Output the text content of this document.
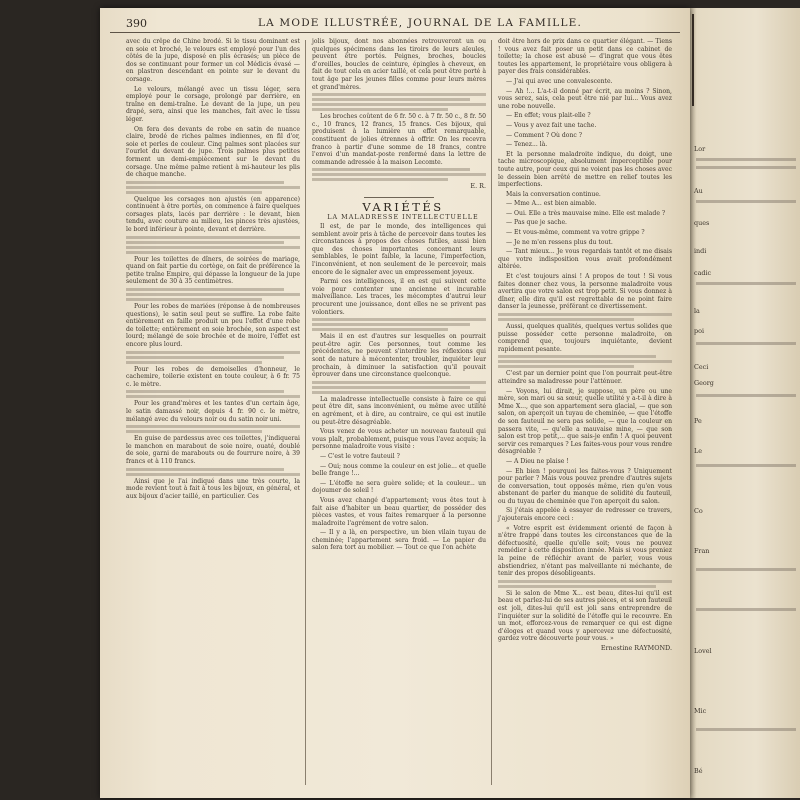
Lor
Au
ques
indi
cadic
la
poi
Ceci
Georg
Pe
Le
Co
Fran
Lovel
Mic
Bé
390	LA MODE ILLUSTRÉE, JOURNAL DE LA FAMILLE.

avec du crêpe de Chine brodé. Si le tissu dominant est en soie et broché, le velours est employé pour l'un des côtés de la jupe, disposé en plis écrasés; un pièce de dos se continuant pour former un col Médicis évasé — en plastron descendant en pointe sur le devant du corsage.

Le velours, mélangé avec un tissu léger, sera employé pour le corsage, prolongé par derrière, en traîne en demi-traîne. Le devant de la jupe, un peu drapé, sera, ainsi que les manches, fait avec le tissu léger.

On fera des devants de robe en satin de nuance claire, brodé de riches palmes indiennes, en fil d'or, soie et perles de couleur. Cinq palmes sont placées sur l'ourlet du devant de jupe. Trois palmes plus petites forment un demi-empiècement sur le devant du corsage. Une même palme retient à mi-hauteur les plis de chaque manche.

Quelque les corsages non ajustés (en apparence) continuent à être portés, on commence à faire quelques corsages plats, lacés par derrière : le devant, bien tendu, avec couture au milieu, les pinces très ajustées, le bord inférieur à pointe, devant et derrière.

Pour les toilettes de dîners, de soirées de mariage, quand on fait partie du cortège, on fait de préférence la petite traîne Empire, qui dépasse la longueur de la jupe seulement de 30 à 35 centimètres.

Pour les robes de mariées (réponse à de nombreuses questions), le satin seul peut se suffire. La robe faite entièrement en faille produit un peu l'effet d'une robe de toilette; entièrement en soie brochée, son aspect est lourd; mélangé de soie brochée et de moire, l'effet est encore plus lourd.

Pour les robes de demoiselles d'honneur, le cachemire, toilerie existent en toute couleur, à 6 fr. 75 c. le mètre.

Pour les grand'mères et les tantes d'un certain âge, le satin damassé noir, depuis 4 fr. 90 c. le mètre, mélangé avec du velours noir ou du satin noir uni.

En guise de pardessus avec ces toilettes, j'indiquerai le manchon en marabout de soie noire, ouaté, doublé de soie, garni de marabouts ou de fourrure noire, à 39 francs et à 110 francs.

Ainsi que je l'ai indiqué dans une très courte, la mode revient tout à fait à tous les bijoux, en général, et aux bijoux d'acier taillé, en particulier. Ces

jolis bijoux, dont nos abonnées retrouveront un ou quelques spécimens dans les tiroirs de leurs aïeules, peuvent être portés. Peignes, broches, boucles d'oreilles, boucles de ceinture, épingles à cheveux, en fait de tout cela en acier taillé, et cela peut être porté à tout âge par les jeunes filles comme pour leurs mères et grand'mères.

Les broches coûtent de 6 fr. 50 c. à 7 fr. 50 c., 8 fr. 50 c., 10 francs, 12 francs, 15 francs. Ces bijoux, qui produisent à la lumière un effet remarquable, constituent de jolies étrennes à offrir. On les recevra franco à partir d'une somme de 18 francs, contre l'envoi d'un mandat-poste renfermé dans la lettre de commande adressée à la maison Lecomte.

E. R.

VARIÉTÉS

LA MALADRESSE INTELLECTUELLE

Il est, de par le monde, des intelligences qui semblent avoir pris à tâche de percevoir dans toutes les circonstances à propos des choses futiles, aussi bien que des choses importantes concernant leurs semblables, le point faible, la lacune, l'imperfection, l'inconvénient, et non seulement de le percevoir, mais encore de le signaler avec un empressement joyeux.

Parmi ces intelligences, il en est qui suivent cette voie pour contenter une ancienne et incurable malveillance. Les traces, les mécomptes d'autrui leur procurent une jouissance, dont elles ne se privent pas volontiers.

Mais il en est d'autres sur lesquelles on pourrait peut-être agir. Ces personnes, tout comme les précédentes, ne peuvent s'interdire les réflexions qui sont de nature à mécontenter, troubler, inquiéter leur prochain, à diminuer la satisfaction qu'il pouvait éprouver dans une circonstance quelconque.

La maladresse intellectuelle consiste à faire ce qui peut être dit, sans inconvénient, ou même avec utilité en agrément, et à dire, au contraire, ce qui est inutile ou peut-être désagréable.

Vous venez de vous acheter un nouveau fauteuil qui vous plaît, probablement, puisque vous l'avez acquis; la personne maladroite vous visite :

— C'est le votre fauteuil ?

— Oui; nous comme la couleur en est jolie... et quelle belle frange !...

— L'étoffe ne sera guère solide; et la couleur... un dojoumer de soleil !

Vous avez changé d'appartement; vous êtes tout à fait aise d'habiter un beau quartier, de posséder des pièces vastes, et vous faites remarquer à la personne maladroite l'agrément de votre salon.

— Il y a là, en perspective, un bien vilain tuyau de cheminée; l'appartement sera froid. — Le papier du salon fera tort au mobilier. — Tout ce que l'on achète

doit être hors de prix dans ce quartier élégant. — Tiens ! vous avez fait poser un petit dans ce cabinet de toilette; la chose est abusé — d'ingrat que vous êtes toutes les appartement, le propriétaire vous obligera à payer des frais considérables.

— J'ai qui avec une convalescente.

— Ah !... L'a-t-il donné par écrit, au moins ? Sinon, vous serez, sais, cela peut être nié par lui... Vous avez une robe nouvelle.

— En effet; vous plait-elle ?

— Vous y avez fait une tache.

— Comment ? Où donc ?

— Tenez... là.

Et la personne maladroite indique, du doigt, une tache microscopique, absolument imperceptible pour toute autre, pour ceux qui ne voient pas les choses avec le dessein bien arrêté de mettre en relief toutes les imperfections.

Mais la conversation continue.

— Mme A... est bien aimable.

— Oui. Elle a très mauvaise mine. Elle est malade ?

— Pas que je sache.

— Et vous-même, comment va votre grippe ?

— Je ne m'en ressens plus du tout.

— Tant mieux... Je vous regardais tantôt et me disais que votre indisposition vous avait profondément altérée.

Et c'est toujours ainsi ! A propos de tout ! Si vous faites donner chez vous, la personne maladroite vous avertira que votre salon est trop petit. Si vous donnez à dîner, elle dira qu'il est regrettable de ne point faire danser la jeunesse, préférant ce divertissement.

Aussi, quelques qualités, quelques vertus solides que puisse posséder cette personne maladroite, on comprend que, toujours inquiétante, devient rapidement pesante.

C'est par un dernier point que l'on pourrait peut-être atteindre sa maladresse pour l'atténuer.

— Voyons, lui dirait, je suppose, un père ou une mère, son mari ou sa sœur, quelle utilité y a-t-il à dire à Mme X..., que son appartement sera glacial, — que son salon, on aperçoit un tuyau de cheminée, — que l'étoffe de son fauteuil ne sera pas solide, — que la couleur en passera vite, — qu'elle a mauvaise mine, — que son salon est trop petit,... que sais-je enfin ! A quoi peuvent servir ces remarques ? Les faites-vous pour vous rendre désagréable ?

— A Dieu ne plaise !

— Eh bien ! pourquoi les faites-vous ? Uniquement pour parler ? Mais vous pouvez prendre d'autres sujets de conversation, tout opposés même, rien qu'en vous abstenant de parler du manque de solidité du fauteuil, ou du tuyau de cheminée que l'on aperçoit du salon.

Si j'étais appelée à essayer de redresser ce travers, j'ajouterais encore ceci :

« Votre esprit est évidemment orienté de façon à n'être frappé dans toutes les circonstances que de la défectuosité, quelle qu'elle soit; vous ne pouvez remédier à cette disposition innée. Mais si vous preniez la peine de réfléchir avant de parler, vous vous abstiendriez, n'étant pas malveillante ni méchante, de tenir des propos désobligeants.

Si le salon de Mme X... est beau, dites-lui qu'il est beau et parlez-lui de ses autres pièces, et si son fauteuil est joli, dites-lui qu'il est joli sans entreprendre de l'inquiéter sur la solidité de l'étoffe qui le recouvre. En un mot, efforcez-vous de remarquer ce qui est digne d'éloges et quand vous y apercevez une défectuosité, gardez votre découverte pour vous. »

Ernestine RAYMOND.
